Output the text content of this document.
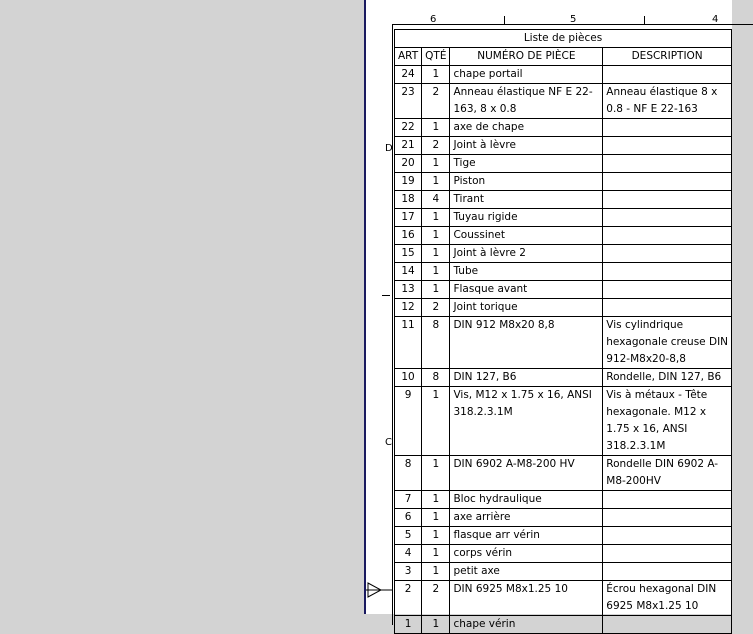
6	5	4
D
C
Liste de pièces			
ART	QTÉ	NUMÉRO DE PIÈCE	DESCRIPTION
24	1	chape portail	
23	2	Anneau élastique NF E 22-163, 8 x 0.8	Anneau élastique 8 x 0.8 - NF E 22-163
22	1	axe de chape	
21	2	Joint à lèvre	
20	1	Tige	
19	1	Piston	
18	4	Tirant	
17	1	Tuyau rigide	
16	1	Coussinet	
15	1	Joint à lèvre 2	
14	1	Tube	
13	1	Flasque avant	
12	2	Joint torique	
11	8	DIN 912 M8x20 8,8	Vis cylindrique hexagonale creuse DIN 912-M8x20-8,8
10	8	DIN 127, B6	Rondelle, DIN 127, B6
9	1	Vis, M12 x 1.75 x 16, ANSI 318.2.3.1M	Vis à métaux - Tête hexagonale. M12 x 1.75 x 16, ANSI 318.2.3.1M
8	1	DIN 6902 A-M8-200 HV	Rondelle DIN 6902 A-M8-200HV
7	1	Bloc hydraulique	
6	1	axe arrière	
5	1	flasque arr vérin	
4	1	corps vérin	
3	1	petit axe	
2	2	DIN 6925 M8x1.25 10	Écrou hexagonal DIN 6925 M8x1.25 10
1	1	chape vérin	
